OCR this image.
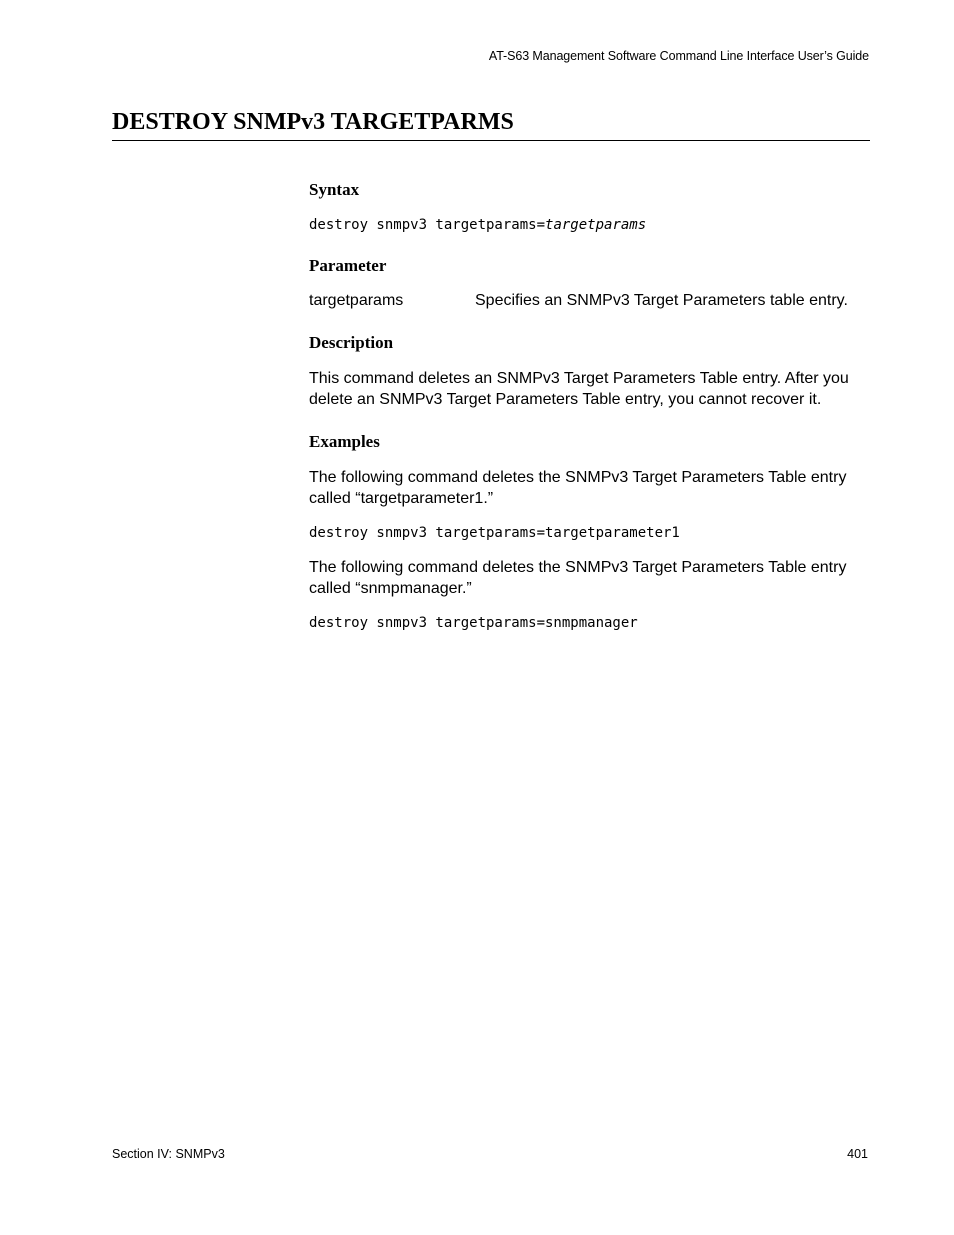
AT-S63 Management Software Command Line Interface User’s Guide
DESTROY SNMPv3 TARGETPARMS
Syntax

destroy snmpv3 targetparams=targetparams

Parameter
targetparams	Specifies an SNMPv3 Target Parameters table entry.
Description

This command deletes an SNMPv3 Target Parameters Table entry. After you delete an SNMPv3 Target Parameters Table entry, you cannot recover it.

Examples

The following command deletes the SNMPv3 Target Parameters Table entry called “targetparameter1.”

destroy snmpv3 targetparams=targetparameter1

The following command deletes the SNMPv3 Target Parameters Table entry called “snmpmanager.”

destroy snmpv3 targetparams=snmpmanager

Section IV: SNMPv3	401
